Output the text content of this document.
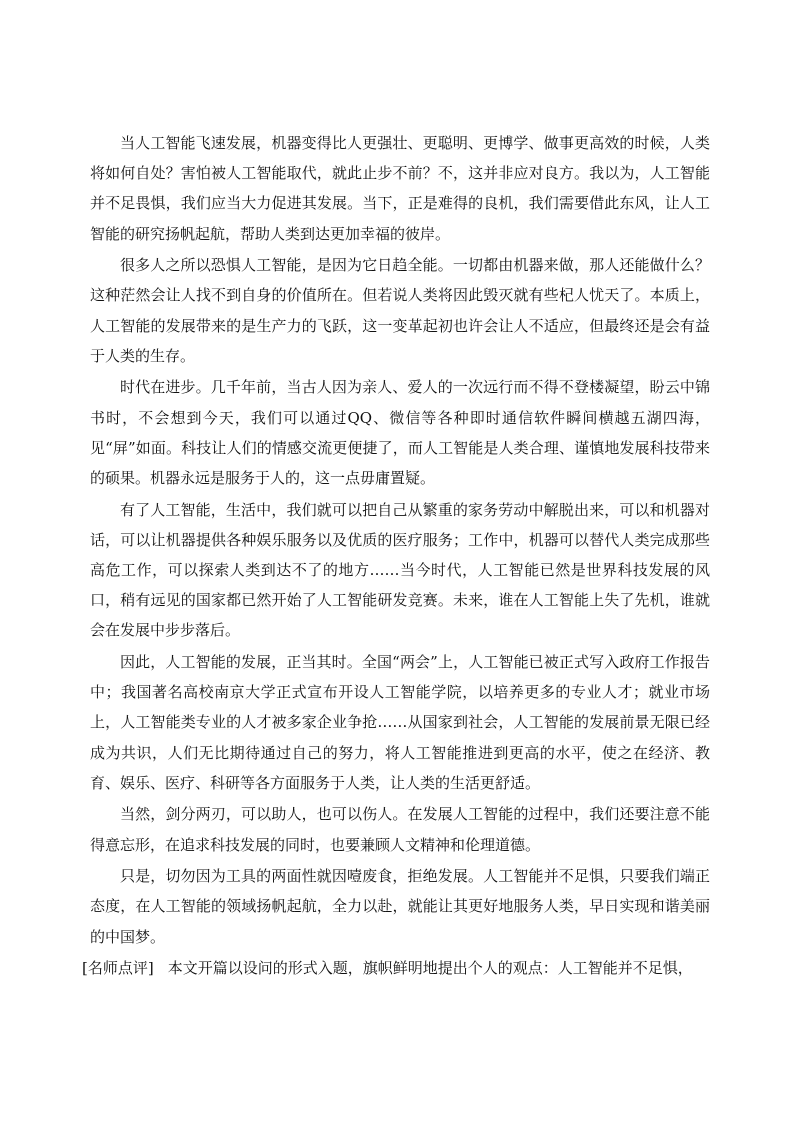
当人工智能飞速发展，机器变得比人更强壮、更聪明、更博学、做事更高效的时候，人类将如何自处？害怕被人工智能取代，就此止步不前？不，这并非应对良方。我以为，人工智能并不足畏惧，我们应当大力促进其发展。当下，正是难得的良机，我们需要借此东风，让人工智能的研究扬帆起航，帮助人类到达更加幸福的彼岸。

很多人之所以恐惧人工智能，是因为它日趋全能。一切都由机器来做，那人还能做什么？这种茫然会让人找不到自身的价值所在。但若说人类将因此毁灭就有些杞人忧天了。本质上，人工智能的发展带来的是生产力的飞跃，这一变革起初也许会让人不适应，但最终还是会有益于人类的生存。

时代在进步。几千年前，当古人因为亲人、爱人的一次远行而不得不登楼凝望，盼云中锦书时，不会想到今天，我们可以通过QQ、微信等各种即时通信软件瞬间横越五湖四海，见“屏”如面。科技让人们的情感交流更便捷了，而人工智能是人类合理、谨慎地发展科技带来的硕果。机器永远是服务于人的，这一点毋庸置疑。

有了人工智能，生活中，我们就可以把自己从繁重的家务劳动中解脱出来，可以和机器对话，可以让机器提供各种娱乐服务以及优质的医疗服务；工作中，机器可以替代人类完成那些高危工作，可以探索人类到达不了的地方……当今时代，人工智能已然是世界科技发展的风口，稍有远见的国家都已然开始了人工智能研发竞赛。未来，谁在人工智能上失了先机，谁就会在发展中步步落后。

因此，人工智能的发展，正当其时。全国“两会”上，人工智能已被正式写入政府工作报告中；我国著名高校南京大学正式宣布开设人工智能学院，以培养更多的专业人才；就业市场上，人工智能类专业的人才被多家企业争抢……从国家到社会，人工智能的发展前景无限已经成为共识，人们无比期待通过自己的努力，将人工智能推进到更高的水平，使之在经济、教育、娱乐、医疗、科研等各方面服务于人类，让人类的生活更舒适。

当然，剑分两刃，可以助人，也可以伤人。在发展人工智能的过程中，我们还要注意不能得意忘形，在追求科技发展的同时，也要兼顾人文精神和伦理道德。

只是，切勿因为工具的两面性就因噎废食，拒绝发展。人工智能并不足惧，只要我们端正态度，在人工智能的领域扬帆起航，全力以赴，就能让其更好地服务人类，早日实现和谐美丽的中国梦。

[名师点评] 本文开篇以设问的形式入题，旗帜鲜明地提出个人的观点：人工智能并不足惧，
